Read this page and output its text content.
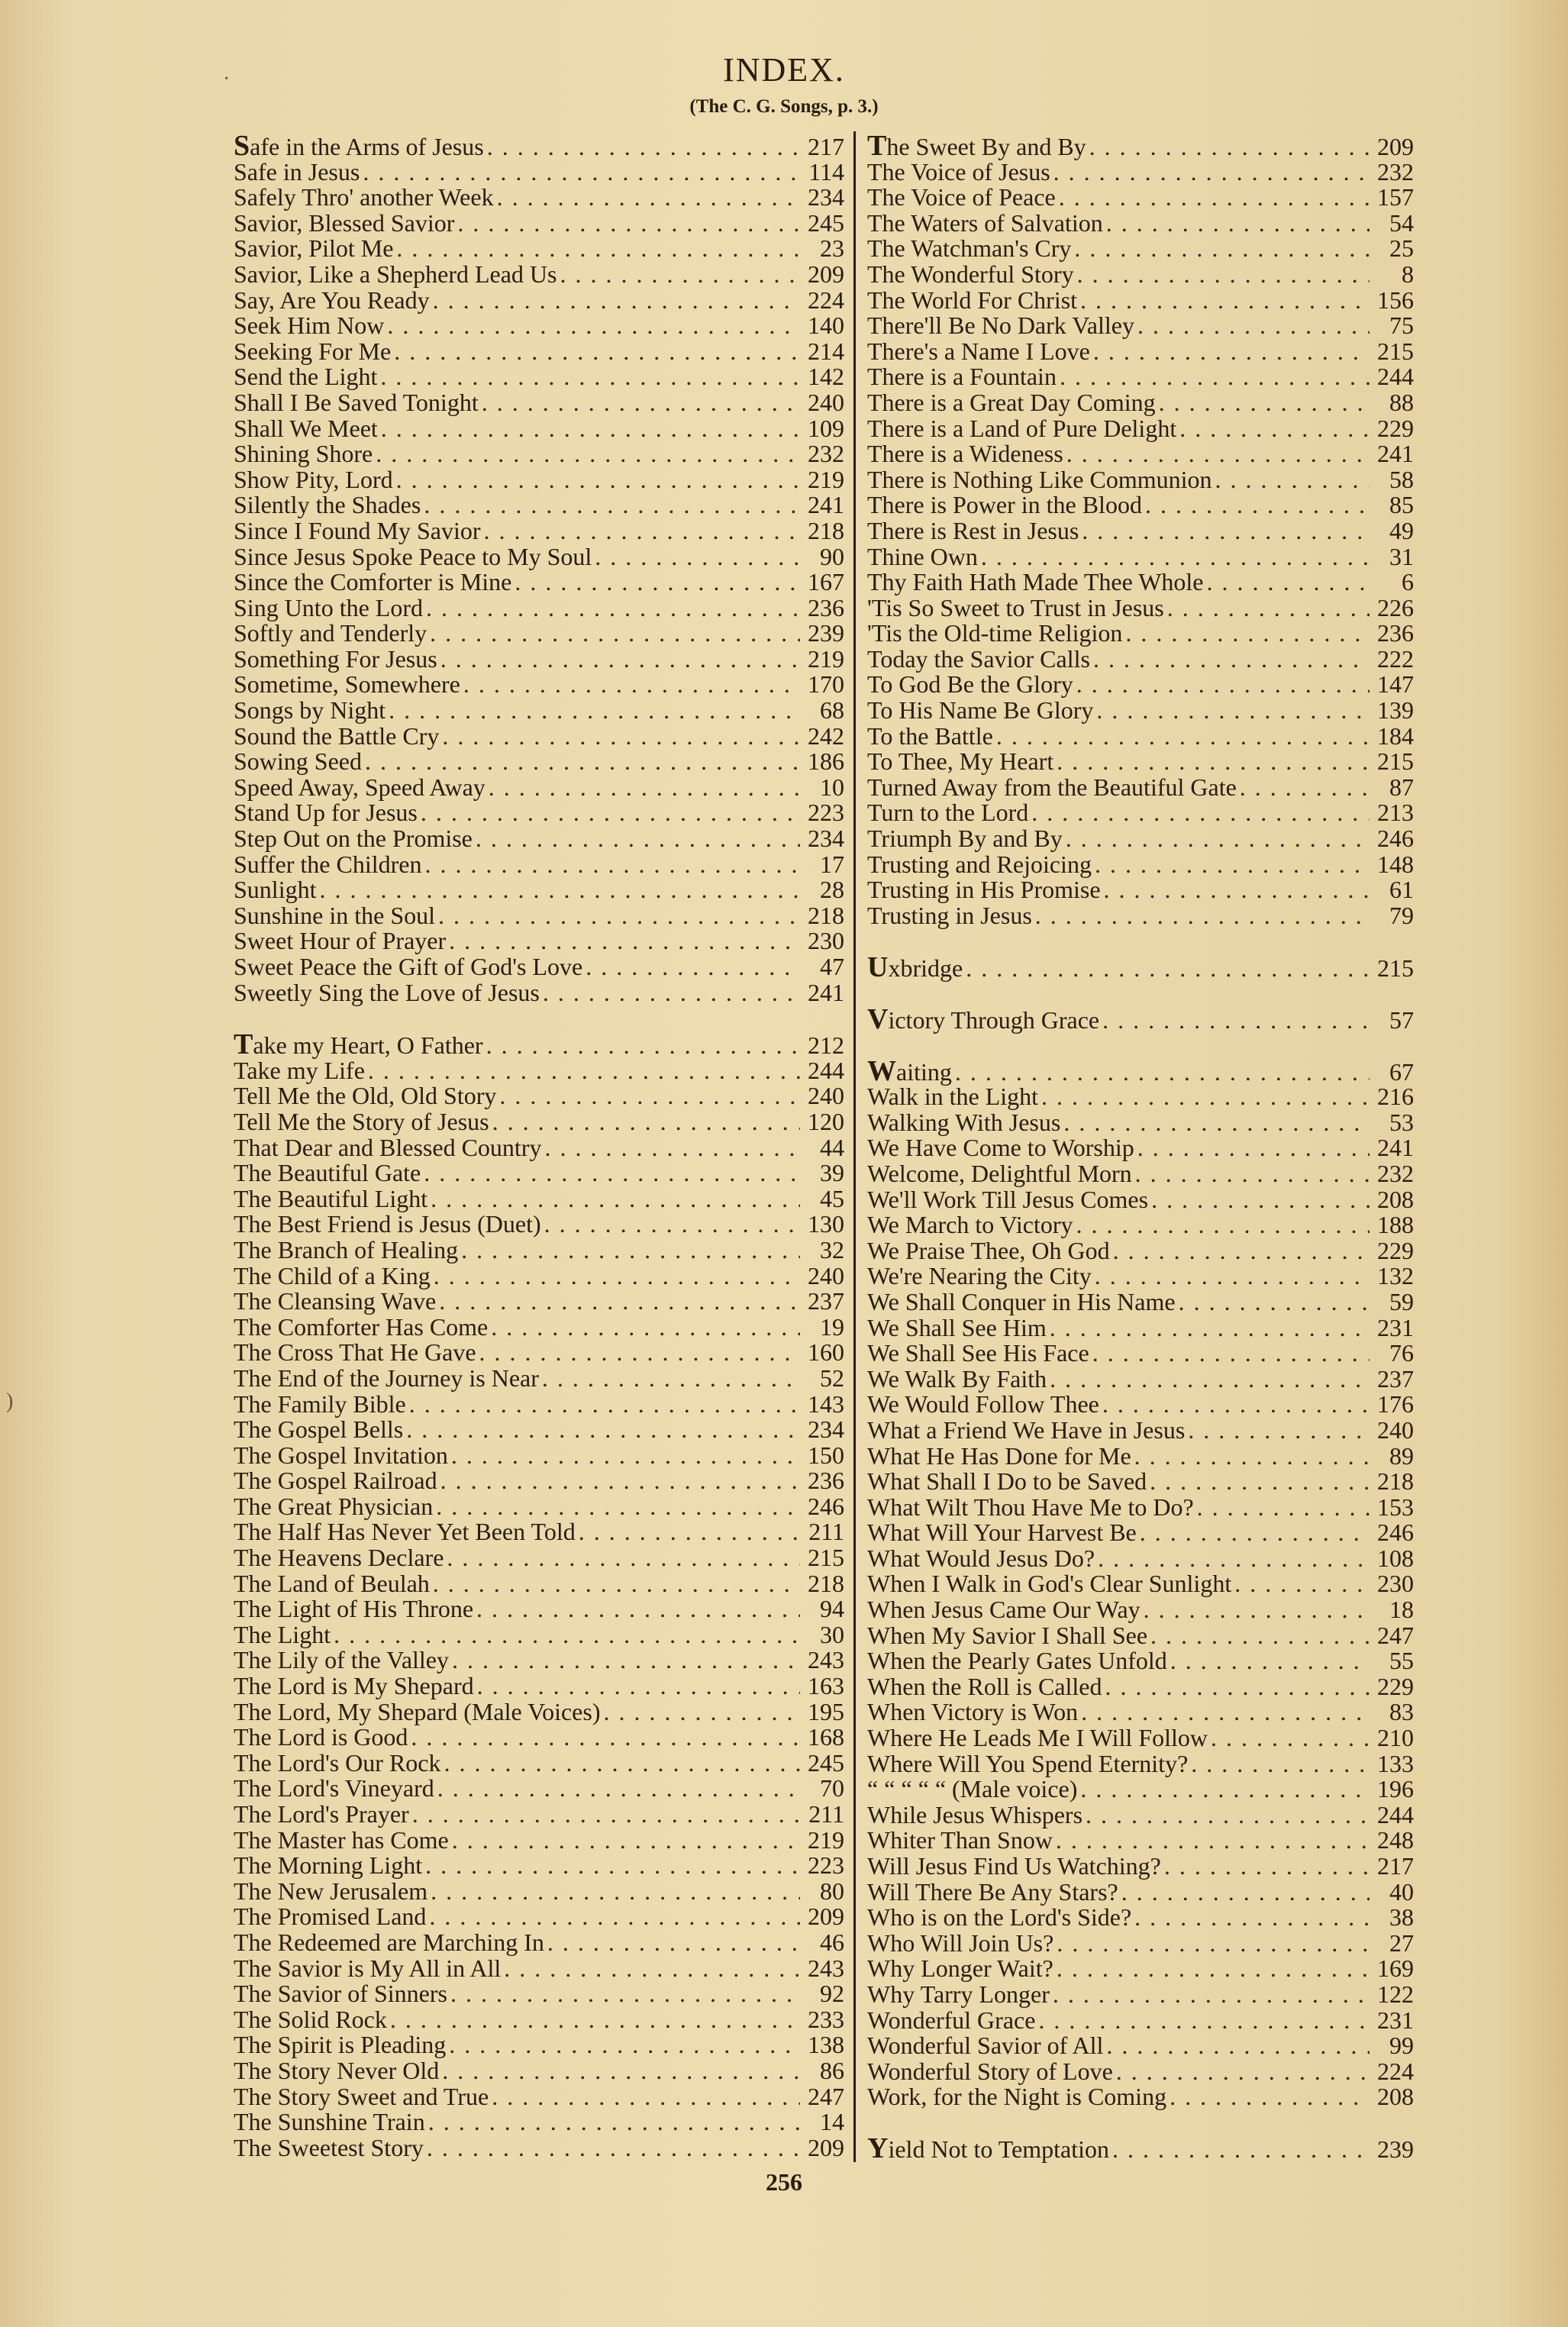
·
)
INDEX.
(The C. G. Songs, p. 3.)
Safe in the Arms of Jesus . . .	217
Safe in Jesus . . .	114
Safely Thro' another Week . . .	234
Savior, Blessed Savior . . .	245
Savior, Pilot Me . . .	23
Savior, Like a Shepherd Lead Us . . .	209
Say, Are You Ready . . .	224
Seek Him Now . . .	140
Seeking For Me . . .	214
Send the Light . . .	142
Shall I Be Saved Tonight . . .	240
Shall We Meet . . .	109
Shining Shore . . .	232
Show Pity, Lord . . .	219
Silently the Shades . . .	241
Since I Found My Savior . . .	218
Since Jesus Spoke Peace to My Soul . . .	90
Since the Comforter is Mine . . .	167
Sing Unto the Lord . . .	236
Softly and Tenderly . . .	239
Something For Jesus . . .	219
Sometime, Somewhere . . .	170
Songs by Night . . .	68
Sound the Battle Cry . . .	242
Sowing Seed . . .	186
Speed Away, Speed Away . . .	10
Stand Up for Jesus . . .	223
Step Out on the Promise . . .	234
Suffer the Children . . .	17
Sunlight . . .	28
Sunshine in the Soul . . .	218
Sweet Hour of Prayer . . .	230
Sweet Peace the Gift of God's Love . . .	47
Sweetly Sing the Love of Jesus . . .	241
Take my Heart, O Father . . .	212
Take my Life . . .	244
Tell Me the Old, Old Story . . .	240
Tell Me the Story of Jesus . . .	120
That Dear and Blessed Country . . .	44
The Beautiful Gate . . .	39
The Beautiful Light . . .	45
The Best Friend is Jesus (Duet) . . .	130
The Branch of Healing . . .	32
The Child of a King . . .	240
The Cleansing Wave . . .	237
The Comforter Has Come . . .	19
The Cross That He Gave . . .	160
The End of the Journey is Near . . .	52
The Family Bible . . .	143
The Gospel Bells . . .	234
The Gospel Invitation . . .	150
The Gospel Railroad . . .	236
The Great Physician . . .	246
The Half Has Never Yet Been Told . . .	211
The Heavens Declare . . .	215
The Land of Beulah . . .	218
The Light of His Throne . . .	94
The Light . . .	30
The Lily of the Valley . . .	243
The Lord is My Shepard . . .	163
The Lord, My Shepard (Male Voices) . . .	195
The Lord is Good . . .	168
The Lord's Our Rock . . .	245
The Lord's Vineyard . . .	70
The Lord's Prayer . . .	211
The Master has Come . . .	219
The Morning Light . . .	223
The New Jerusalem . . .	80
The Promised Land . . .	209
The Redeemed are Marching In . . .	46
The Savior is My All in All . . .	243
The Savior of Sinners . . .	92
The Solid Rock . . .	233
The Spirit is Pleading . . .	138
The Story Never Old . . .	86
The Story Sweet and True . . .	247
The Sunshine Train . . .	14
The Sweetest Story . . .	209
The Sweet By and By . . .	209
The Voice of Jesus . . .	232
The Voice of Peace . . .	157
The Waters of Salvation . . .	54
The Watchman's Cry . . .	25
The Wonderful Story . . .	8
The World For Christ . . .	156
There'll Be No Dark Valley . . .	75
There's a Name I Love . . .	215
There is a Fountain . . .	244
There is a Great Day Coming . . .	88
There is a Land of Pure Delight . . .	229
There is a Wideness . . .	241
There is Nothing Like Communion . . .	58
There is Power in the Blood . . .	85
There is Rest in Jesus . . .	49
Thine Own . . .	31
Thy Faith Hath Made Thee Whole . . .	6
'Tis So Sweet to Trust in Jesus . . .	226
'Tis the Old-time Religion . . .	236
Today the Savior Calls . . .	222
To God Be the Glory . . .	147
To His Name Be Glory . . .	139
To the Battle . . .	184
To Thee, My Heart . . .	215
Turned Away from the Beautiful Gate . . .	87
Turn to the Lord . . .	213
Triumph By and By . . .	246
Trusting and Rejoicing . . .	148
Trusting in His Promise . . .	61
Trusting in Jesus . . .	79
Uxbridge . . .	215
Victory Through Grace . . .	57
Waiting . . .	67
Walk in the Light . . .	216
Walking With Jesus . . .	53
We Have Come to Worship . . .	241
Welcome, Delightful Morn . . .	232
We'll Work Till Jesus Comes . . .	208
We March to Victory . . .	188
We Praise Thee, Oh God . . .	229
We're Nearing the City . . .	132
We Shall Conquer in His Name . . .	59
We Shall See Him . . .	231
We Shall See His Face . . .	76
We Walk By Faith . . .	237
We Would Follow Thee . . .	176
What a Friend We Have in Jesus . . .	240
What He Has Done for Me . . .	89
What Shall I Do to be Saved . . .	218
What Wilt Thou Have Me to Do? . . .	153
What Will Your Harvest Be . . .	246
What Would Jesus Do? . . .	108
When I Walk in God's Clear Sunlight . . .	230
When Jesus Came Our Way . . .	18
When My Savior I Shall See . . .	247
When the Pearly Gates Unfold . . .	55
When the Roll is Called . . .	229
When Victory is Won . . .	83
Where He Leads Me I Will Follow . . .	210
Where Will You Spend Eternity? . . .	133
“ “ “ “ “ (Male voice) . . .	196
While Jesus Whispers . . .	244
Whiter Than Snow . . .	248
Will Jesus Find Us Watching? . . .	217
Will There Be Any Stars? . . .	40
Who is on the Lord's Side? . . .	38
Who Will Join Us? . . .	27
Why Longer Wait? . . .	169
Why Tarry Longer . . .	122
Wonderful Grace . . .	231
Wonderful Savior of All . . .	99
Wonderful Story of Love . . .	224
Work, for the Night is Coming . . .	208
Yield Not to Temptation . . .	239
256
